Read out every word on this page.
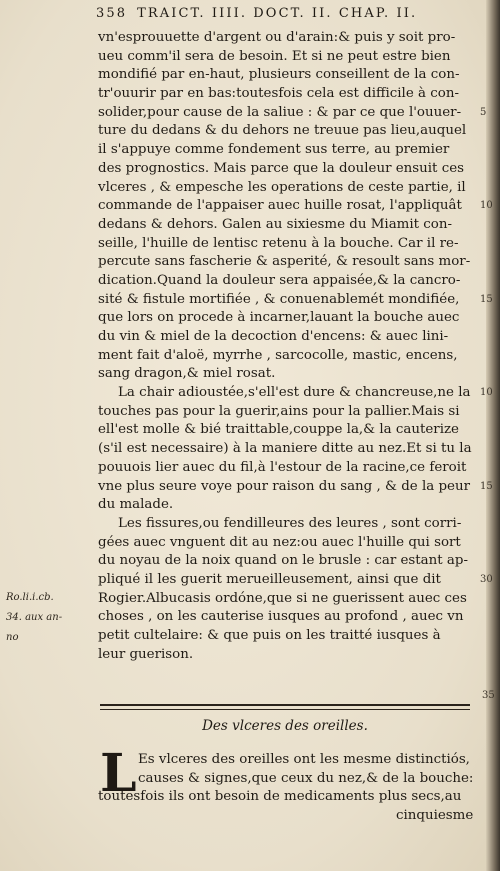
358 TRAICT. IIII. DOCT. II. CHAP. II.
vn'esprouuette d'argent ou d'arain:& puis y soit pro-
ueu comm'il sera de besoin. Et si ne peut estre bien
mondifié par en-haut, plusieurs conseillent de la con-
tr'ouurir par en bas:toutesfois cela est difficile à con-
solider,pour cause de la saliue : & par ce que l'ouuer- 5
ture du dedans & du dehors ne treuue pas lieu,auquel
il s'appuye comme fondement sus terre, au premier
des prognostics. Mais parce que la douleur ensuit ces
vlceres , & empesche les operations de ceste partie, il
commande de l'appaiser auec huille rosat, l'appliquât 10
dedans & dehors. Galen au sixiesme du Miamit con-
seille, l'huille de lentisc retenu à la bouche. Car il re-
percute sans fascherie & asperité, & resoult sans mor-
dication.Quand la douleur sera appaisée,& la cancro-
sité & fistule mortifiée , & conuenablemét mondifiée, 15
que lors on procede à incarner,lauant la bouche auec
du vin & miel de la decoction d'encens: & auec lini-
ment fait d'aloë, myrrhe , sarcocolle, mastic, encens,
sang dragon,& miel rosat.
La chair adioustée,s'ell'est dure & chancreuse,ne la 10
touches pas pour la guerir,ains pour la pallier.Mais si
ell'est molle & bié traittable,couppe la,& la cauterize
(s'il est necessaire) à la maniere ditte au nez.Et si tu la
pouuois lier auec du fil,à l'estour de la racine,ce feroit
vne plus seure voye pour raison du sang , & de la peur 15
du malade.
Les fissures,ou fendilleures des leures , sont corri-
gées auec vnguent dit au nez:ou auec l'huille qui sort
du noyau de la noix quand on le brusle : car estant ap-
pliqué il les guerit merueilleusement, ainsi que dit	30
Rogier.Albucasis ordóne,que si ne guerissent auec ces
choses , on les cauterise iusques au profond , auec vn
petit cultelaire: & que puis on les traitté iusques à
leur guerison.
Ro.li.i.cb.
34. aux an-
no
35
Des vlceres des oreilles.
L Es vlceres des oreilles ont les mesme distinctiós,
causes & signes,que ceux du nez,& de la bouche:
toutesfois ils ont besoin de medicaments plus secs,au
cinquiesme
